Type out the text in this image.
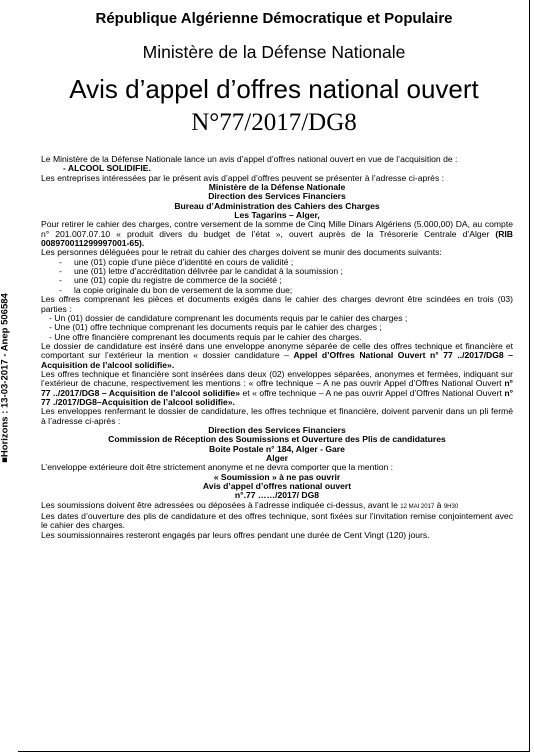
■Horizons : 13-03-2017 - Anep 506584
République Algérienne Démocratique et Populaire
Ministère de la Défense Nationale
Avis d’appel d’offres national ouvert
N°77/2017/DG8

Le Ministère de la Défense Nationale lance un avis d’appel d’offres national ouvert en vue de l’acquisition de :

- ALCOOL SOLIDIFIE.

Les entreprises intéressées par le présent avis d’appel d’offres peuvent se présenter à l’adresse ci-après :

Ministère de la Défense Nationale

Direction des Services Financiers

Bureau d’Administration des Cahiers des Charges

Les Tagarins – Alger,

Pour retirer le cahier des charges, contre versement de la somme de Cinq Mille Dinars Algériens (5.000,00) DA, au compte n° 201.007.07.10 « produit divers du budget de l’état », ouvert auprès de la Trésorerie Centrale d’Alger (RIB 008970011299997001-65).

Les personnes déléguées pour le retrait du cahier des charges doivent se munir des documents suivants:

- une (01) copie d’une pièce d’identité en cours de validité ;
- une (01) lettre d’accréditation délivrée par le candidat à la soumission ;
- une (01) copie du registre de commerce de la société ;
- la copie originale du bon de versement de la somme due;

Les offres comprenant les pièces et documents exigés dans le cahier des charges devront être scindées en trois (03) parties :

- Un (01) dossier de candidature comprenant les documents requis par le cahier des charges ;
- Une (01) offre technique comprenant les documents requis par le cahier des charges ;
- Une offre financière comprenant les documents requis par le cahier des charges.

Le dossier de candidature est inséré dans une enveloppe anonyme séparée de celle des offres technique et financière et comportant sur l’extérieur la mention « dossier candidature – Appel d’Offres National Ouvert n° 77 ../2017/DG8 –Acquisition de l’alcool solidifie».

Les offres technique et financière sont insérées dans deux (02) enveloppes séparées, anonymes et fermées, indiquant sur l’extérieur de chacune, respectivement les mentions : « offre technique – A ne pas ouvrir Appel d’Offres National Ouvert n° 77 ../2017/DG8 – Acquisition de l’alcool solidifie» et « offre technique – A ne pas ouvrir Appel d’Offres National Ouvert n° 77 ./2017/DG8–Acquisition de l’alcool solidifie».

Les enveloppes renfermant le dossier de candidature, les offres technique et financière, doivent parvenir dans un pli fermé à l’adresse ci-après :

Direction des Services Financiers

Commission de Réception des Soumissions et Ouverture des Plis de candidatures

Boite Postale n° 184, Alger - Gare

Alger

L’enveloppe extérieure doit être strictement anonyme et ne devra comporter que la mention :

« Soumission » à ne pas ouvrir

Avis d’appel d’offres national ouvert

n°.77 ……/2017/ DG8

Les soumissions doivent être adressées ou déposées à l’adresse indiquée ci-dessus, avant le 12 MAI 2017 à 9H30

Les dates d’ouverture des plis de candidature et des offres technique, sont fixées sur l’invitation remise conjointement avec le cahier des charges.

Les soumissionnaires resteront engagés par leurs offres pendant une durée de Cent Vingt (120) jours.
